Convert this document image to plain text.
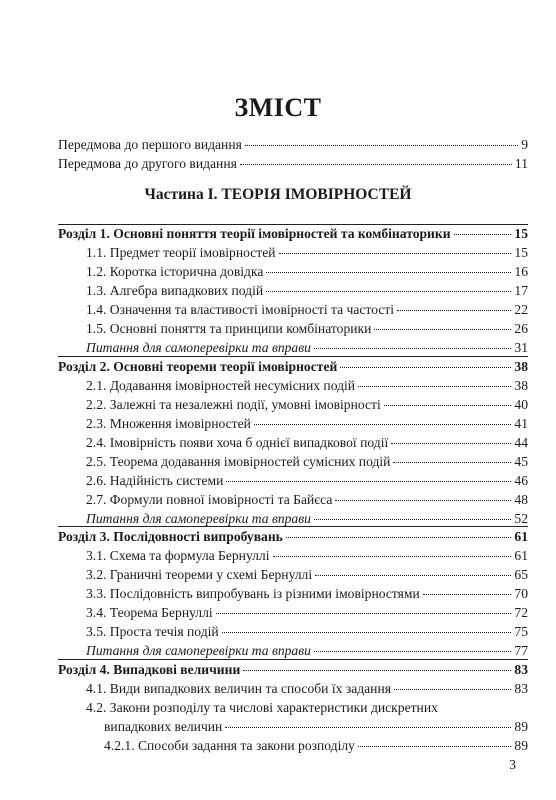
ЗМІСТ
Передмова до першого видання	9
Передмова до другого видання	11
Частина I. ТЕОРІЯ ІМОВІРНОСТЕЙ
Розділ 1. Основні поняття теорії імовірностей та комбінаторики	15
1.1. Предмет теорії імовірностей	15
1.2. Коротка історична довідка	16
1.3. Алгебра випадкових подій	17
1.4. Означення та властивості імовірності та частості	22
1.5. Основні поняття та принципи комбінаторики	26
Питання для самоперевірки та вправи	31
Розділ 2. Основні теореми теорії імовірностей	38
2.1. Додавання імовірностей несумісних подій	38
2.2. Залежні та незалежні події, умовні імовірності	40
2.3. Множення імовірностей	41
2.4. Імовірність появи хоча б однієї випадкової події	44
2.5. Теорема додавання імовірностей сумісних подій	45
2.6. Надійність системи	46
2.7. Формули повної імовірності та Байєса	48
Питання для самоперевірки та вправи	52
Розділ 3. Послідовності випробувань	61
3.1. Схема та формула Бернуллі	61
3.2. Граничні теореми у схемі Бернуллі	65
3.3. Послідовність випробувань із різними імовірностями	70
3.4. Теорема Бернуллі	72
3.5. Проста течія подій	75
Питання для самоперевірки та вправи	77
Розділ 4. Випадкові величини	83
4.1. Види випадкових величин та способи їх задання	83
4.2. Закони розподілу та числові характеристики дискретних
випадкових величин	89
4.2.1. Способи задання та закони розподілу	89
3
